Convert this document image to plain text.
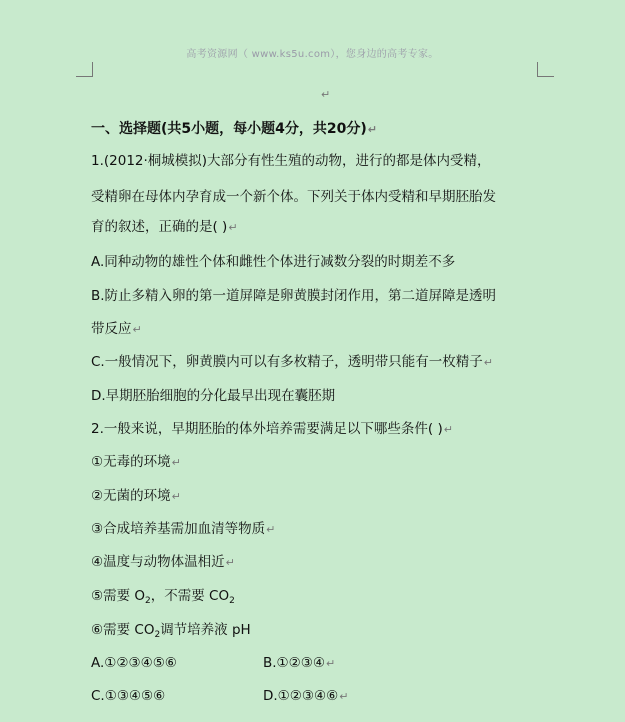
高考资源网（ www.ks5u.com），您身边的高考专家。
↵
一、选择题(共5小题，每小题4分，共20分)↵
1.(2012·桐城模拟)大部分有性生殖的动物，进行的都是体内受精，
受精卵在母体内孕育成一个新个体。下列关于体内受精和早期胚胎发
育的叙述，正确的是( )↵
A.同种动物的雄性个体和雌性个体进行减数分裂的时期差不多
B.防止多精入卵的第一道屏障是卵黄膜封闭作用，第二道屏障是透明
带反应↵
C.一般情况下，卵黄膜内可以有多枚精子，透明带只能有一枚精子↵
D.早期胚胎细胞的分化最早出现在囊胚期
2.一般来说，早期胚胎的体外培养需要满足以下哪些条件( )↵
①无毒的环境↵
②无菌的环境↵
③合成培养基需加血清等物质↵
④温度与动物体温相近↵
⑤需要 $O_2$，不需要 $CO_2$
⑥需要 $CO_2$调节培养液 pH
A.①②③④⑤⑥	B.①②③④↵
C.①③④⑤⑥	D.①②③④⑥↵
